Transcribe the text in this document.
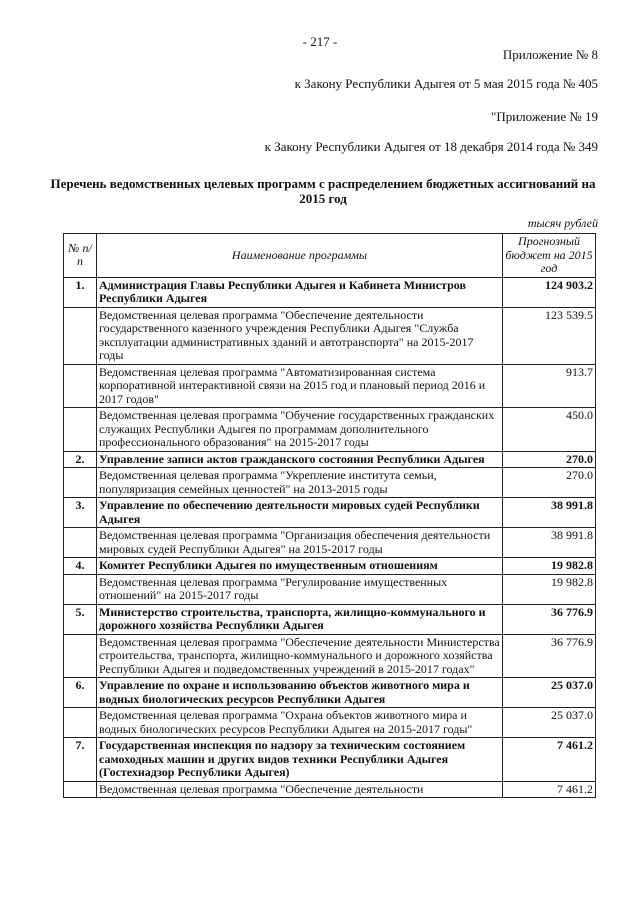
- 217 -
Приложение № 8
к Закону Республики Адыгея от 5 мая 2015 года № 405
"Приложение № 19
к Закону Республики Адыгея от 18 декабря 2014 года № 349
Перечень ведомственных целевых программ с распределением бюджетных ассигнований на 2015 год
тысяч рублей
№ п/п	Наименование программы	Прогнозный бюджет на 2015 год
1.	Администрация Главы Республики Адыгея и Кабинета Министров Республики Адыгея	124 903.2
	Ведомственная целевая программа "Обеспечение деятельности государственного казенного учреждения Республики Адыгея "Служба эксплуатации административных зданий и автотранспорта" на 2015-2017 годы	123 539.5
	Ведомственная целевая программа "Автоматизированная система корпоративной интерактивной связи на 2015 год и плановый период 2016 и 2017 годов"	913.7
	Ведомственная целевая программа "Обучение государственных гражданских служащих Республики Адыгея по программам дополнительного профессионального образования" на 2015-2017 годы	450.0
2.	Управление записи актов гражданского состояния Республики Адыгея	270.0
	Ведомственная целевая программа "Укрепление института семьи, популяризация семейных ценностей" на 2013-2015 годы	270.0
3.	Управление по обеспечению деятельности мировых судей Республики Адыгея	38 991.8
	Ведомственная целевая программа "Организация обеспечения деятельности мировых судей Республики Адыгея" на 2015-2017 годы	38 991.8
4.	Комитет Республики Адыгея по имущественным отношениям	19 982.8
	Ведомственная целевая программа "Регулирование имущественных отношений" на 2015-2017 годы	19 982.8
5.	Министерство строительства, транспорта, жилищно-коммунального и дорожного хозяйства Республики Адыгея	36 776.9
	Ведомственная целевая программа "Обеспечение деятельности Министерства строительства, транспорта, жилищно-коммунального и дорожного хозяйства Республики Адыгея и подведомственных учреждений в 2015-2017 годах"	36 776.9
6.	Управление по охране и использованию объектов животного мира и водных биологических ресурсов Республики Адыгея	25 037.0
	Ведомственная целевая программа "Охрана объектов животного мира и водных биологических ресурсов Республики Адыгея на 2015-2017 годы"	25 037.0
7.	Государственная инспекция по надзору за техническим состоянием самоходных машин и других видов техники Республики Адыгея (Гостехнадзор Республики Адыгея)	7 461.2
	Ведомственная целевая программа "Обеспечение деятельности	7 461.2
